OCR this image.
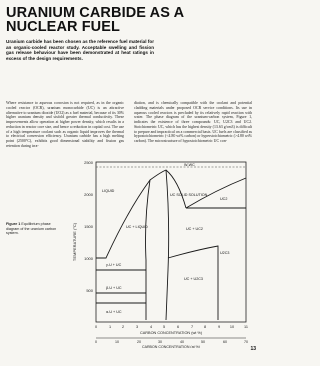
URANIUM CARBIDE AS A NUCLEAR FUEL
Uranium carbide has been chosen as the reference fuel material for an organic-cooled reactor study. Acceptable swelling and fission gas release behaviour have been demonstrated at heat ratings in excess of the design requirements.
Where resistance to aqueous corrosion is not required, as in the organic cooled reactor (OCR), uranium monocarbide (UC) is an attractive alternative to uranium dioxide (UO2) as a fuel material, because of its 30% higher uranium density and sixfold greater thermal conductivity. These improvements allow operation at higher power density, which results in a reduction in reactor core size, and hence a reduction in capital cost. The use of a high temperature coolant such as organic liquid improves the thermal to electrical conversion efficiency. Uranium carbide has a high melting point (2500°C), exhibits good dimensional stability and fission gas retention during irra-
diation, and is chemically compatible with the coolant and potential cladding materials under proposed OCR service conditions. Its use in aqueous cooled reactors is precluded by its relatively rapid reaction with water. The phase diagram of the uranium-carbon system, Figure 1, indicates the existence of three compounds: UC, U2C3 and UC2. Stoichiometric UC, which has the highest density (13.63 g/cm3) is difficult to prepare and impractical on a commercial basis. UC fuels are classified as hypostoichiometric (<4.80 wt% carbon) or hyperstoichiometric (>4.80 wt% carbon). The microstructure of hypostoichiometric UC con-
Figure 1 Equilibrium phase diagram of the uranium carbon system.
2500
2000
1500
1000
500
TEMPERATURE (°C)
0	1	2	3	4	5	6	7	8	9	10	11
CARBON CONCENTRATION (wt %)
0	10	20	30	40	50	60	70
CARBON CONCENTRATION (at %)
W-WC
LIQUID
UC + LIQUID
UC SOLID SOLUTION
γ-U + UC
UC + UC2
UC + U2C3
β-U + UC
α-U + UC
UC2
U2C3
13
